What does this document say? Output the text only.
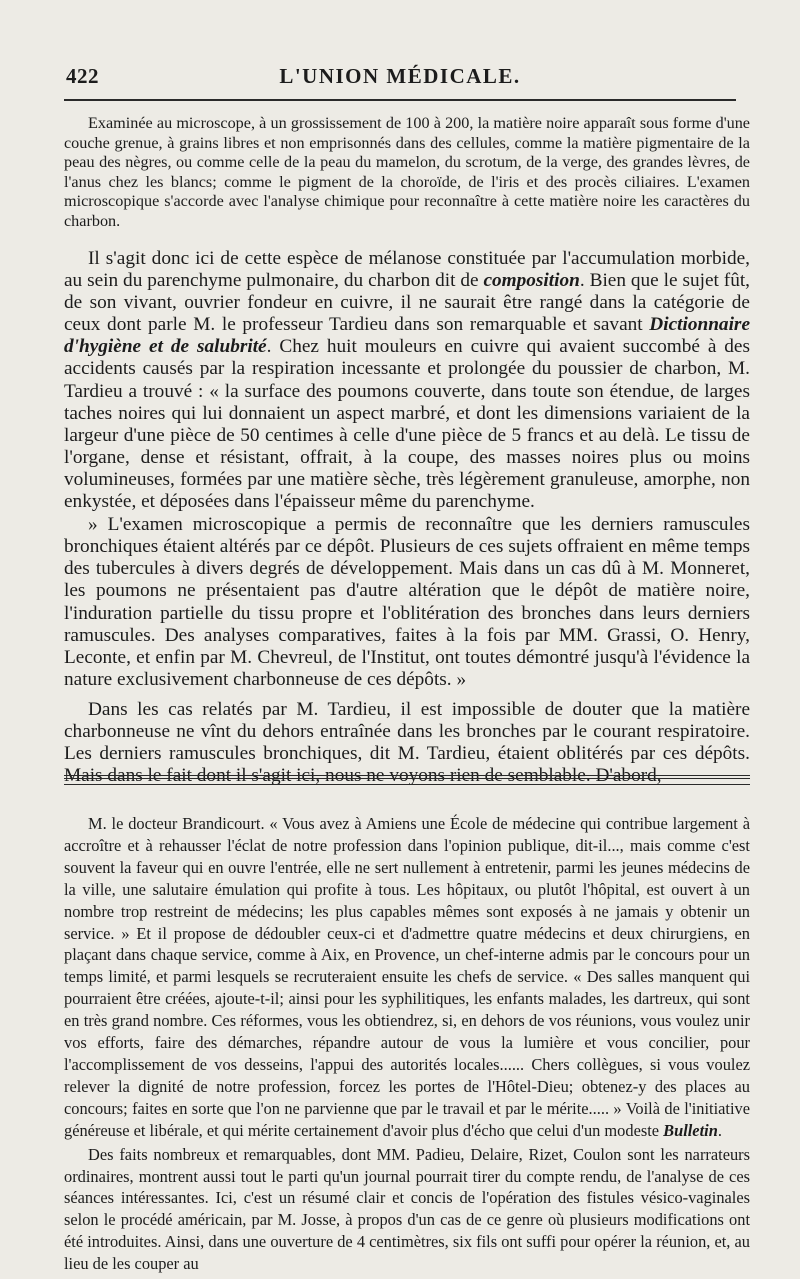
422	L'UNION MÉDICALE.

Examinée au microscope, à un grossissement de 100 à 200, la matière noire apparaît sous forme d'une couche grenue, à grains libres et non emprisonnés dans des cellules, comme la matière pigmentaire de la peau des nègres, ou comme celle de la peau du mamelon, du scrotum, de la verge, des grandes lèvres, de l'anus chez les blancs; comme le pigment de la choroïde, de l'iris et des procès ciliaires. L'examen microscopique s'accorde avec l'analyse chimique pour reconnaître à cette matière noire les caractères du charbon.

Il s'agit donc ici de cette espèce de mélanose constituée par l'accumulation morbide, au sein du parenchyme pulmonaire, du charbon dit de composition. Bien que le sujet fût, de son vivant, ouvrier fondeur en cuivre, il ne saurait être rangé dans la catégorie de ceux dont parle M. le professeur Tardieu dans son remarquable et savant Dictionnaire d'hygiène et de salubrité. Chez huit mouleurs en cuivre qui avaient succombé à des accidents causés par la respiration incessante et prolongée du poussier de charbon, M. Tardieu a trouvé : « la surface des poumons couverte, dans toute son étendue, de larges taches noires qui lui donnaient un aspect marbré, et dont les dimensions variaient de la largeur d'une pièce de 50 centimes à celle d'une pièce de 5 francs et au delà. Le tissu de l'organe, dense et résistant, offrait, à la coupe, des masses noires plus ou moins volumineuses, formées par une matière sèche, très légèrement granuleuse, amorphe, non enkystée, et déposées dans l'épaisseur même du parenchyme.

» L'examen microscopique a permis de reconnaître que les derniers ramuscules bronchiques étaient altérés par ce dépôt. Plusieurs de ces sujets offraient en même temps des tubercules à divers degrés de développement. Mais dans un cas dû à M. Monneret, les poumons ne présentaient pas d'autre altération que le dépôt de matière noire, l'induration partielle du tissu propre et l'oblitération des bronches dans leurs derniers ramuscules. Des analyses comparatives, faites à la fois par MM. Grassi, O. Henry, Leconte, et enfin par M. Chevreul, de l'Institut, ont toutes démontré jusqu'à l'évidence la nature exclusivement charbonneuse de ces dépôts. »

Dans les cas relatés par M. Tardieu, il est impossible de douter que la matière charbonneuse ne vînt du dehors entraînée dans les bronches par le courant respiratoire. Les derniers ramuscules bronchiques, dit M. Tardieu, étaient oblitérés par ces dépôts. Mais dans le fait dont il s'agit ici, nous ne voyons rien de semblable. D'abord,

M. le docteur Brandicourt. « Vous avez à Amiens une École de médecine qui contribue largement à accroître et à rehausser l'éclat de notre profession dans l'opinion publique, dit-il..., mais comme c'est souvent la faveur qui en ouvre l'entrée, elle ne sert nullement à entretenir, parmi les jeunes médecins de la ville, une salutaire émulation qui profite à tous. Les hôpitaux, ou plutôt l'hôpital, est ouvert à un nombre trop restreint de médecins; les plus capables mêmes sont exposés à ne jamais y obtenir un service. » Et il propose de dédoubler ceux-ci et d'admettre quatre médecins et deux chirurgiens, en plaçant dans chaque service, comme à Aix, en Provence, un chef-interne admis par le concours pour un temps limité, et parmi lesquels se recruteraient ensuite les chefs de service. « Des salles manquent qui pourraient être créées, ajoute-t-il; ainsi pour les syphilitiques, les enfants malades, les dartreux, qui sont en très grand nombre. Ces réformes, vous les obtiendrez, si, en dehors de vos réunions, vous voulez unir vos efforts, faire des démarches, répandre autour de vous la lumière et vous concilier, pour l'accomplissement de vos desseins, l'appui des autorités locales...... Chers collègues, si vous voulez relever la dignité de notre profession, forcez les portes de l'Hôtel-Dieu; obtenez-y des places au concours; faites en sorte que l'on ne parvienne que par le travail et par le mérite..... » Voilà de l'initiative généreuse et libérale, et qui mérite certainement d'avoir plus d'écho que celui d'un modeste Bulletin.

Des faits nombreux et remarquables, dont MM. Padieu, Delaire, Rizet, Coulon sont les narrateurs ordinaires, montrent aussi tout le parti qu'un journal pourrait tirer du compte rendu, de l'analyse de ces séances intéressantes. Ici, c'est un résumé clair et concis de l'opération des fistules vésico-vaginales selon le procédé américain, par M. Josse, à propos d'un cas de ce genre où plusieurs modifications ont été introduites. Ainsi, dans une ouverture de 4 centimètres, six fils ont suffi pour opérer la réunion, et, au lieu de les couper au
